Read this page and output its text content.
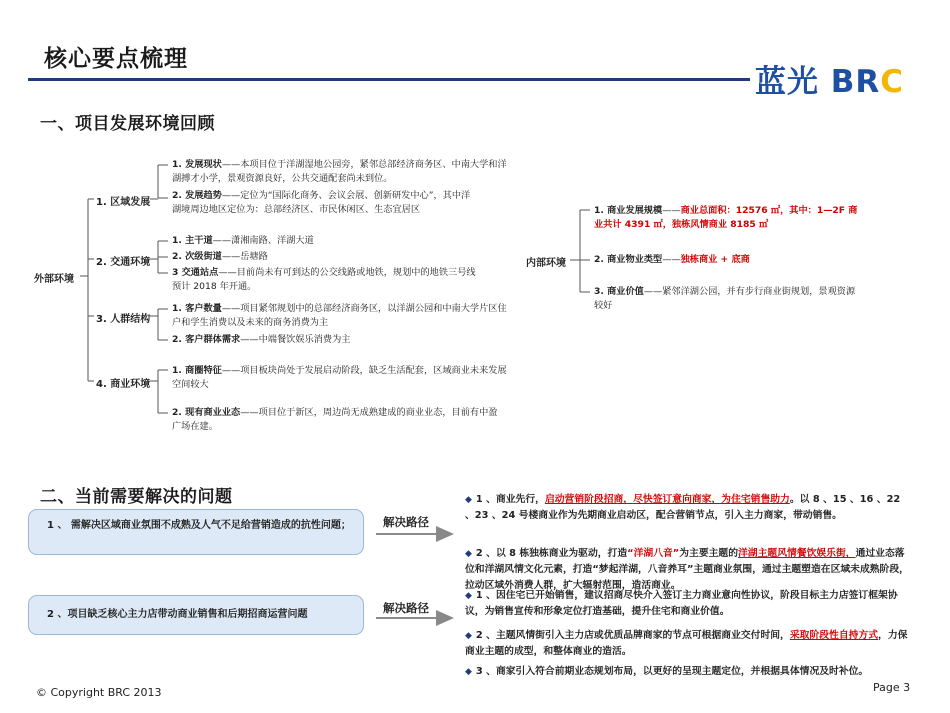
核心要点梳理
蓝光 BRC
一、项目发展环境回顾
外部环境
1. 区域发展
1. 发展现状——本项目位于洋湖湿地公园旁，紧邻总部经济商务区、中南大学和洋湖搏才小学，景观资源良好，公共交通配套尚未到位。
2. 发展趋势——定位为“国际化商务、会议会展、创新研发中心”，其中洋湖境周边地区定位为：总部经济区、市民休闲区、生态宜居区
2. 交通环境
1. 主干道——潇湘南路、洋湖大道
2. 次级街道——岳塘路
3 交通站点——目前尚未有可到达的公交线路或地铁，规划中的地铁三号线预计 2018 年开通。
3. 人群结构
1. 客户数量——项目紧邻规划中的总部经济商务区，以洋湖公园和中南大学片区住户和学生消费以及未来的商务消费为主
2. 客户群体需求——中端餐饮娱乐消费为主
4. 商业环境
1. 商圈特征——项目板块尚处于发展启动阶段，缺乏生活配套，区域商业未来发展空间较大
2. 现有商业业态——项目位于新区，周边尚无成熟建成的商业业态，目前有中盈广场在建。
内部环境
1. 商业发展规模——商业总面积：12576 ㎡，其中：1—2F 商业共计 4391 ㎡，独栋风情商业 8185 ㎡
2. 商业物业类型——独栋商业 + 底商
3. 商业价值——紧邻洋湖公园，并有步行商业街规划，景观资源较好
二、当前需要解决的问题
1 、 需解决区域商业氛围不成熟及人气不足给营销造成的抗性问题；
2 、项目缺乏核心主力店带动商业销售和后期招商运营问题
解决路径
解决路径
◆ 1 、商业先行，启动营销阶段招商，尽快签订意向商家，为住宅销售助力。以 8 、15 、16 、22 、23 、24 号楼商业作为先期商业启动区，配合营销节点，引入主力商家，带动销售。
◆ 2 、以 8 栋独栋商业为驱动，打造“洋湖八音”为主要主题的洋湖主题风情餐饮娱乐街，通过业态落位和洋湖风情文化元素，打造“梦起洋湖，八音养耳”主题商业氛围，通过主题塑造在区域未成熟阶段，拉动区域外消费人群，扩大辐射范围，造活商业。
◆ 1 、因住宅已开始销售，建议招商尽快介入签订主力商业意向性协议，阶段目标主力店签订框架协议，为销售宣传和形象定位打造基础，提升住宅和商业价值。
◆ 2 、主题风情街引入主力店或优质品牌商家的节点可根据商业交付时间，采取阶段性自持方式，力保商业主题的成型，和整体商业的造活。
◆ 3 、商家引入符合前期业态规划布局，以更好的呈现主题定位，并根据具体情况及时补位。
© Copyright BRC 2013	Page 3
